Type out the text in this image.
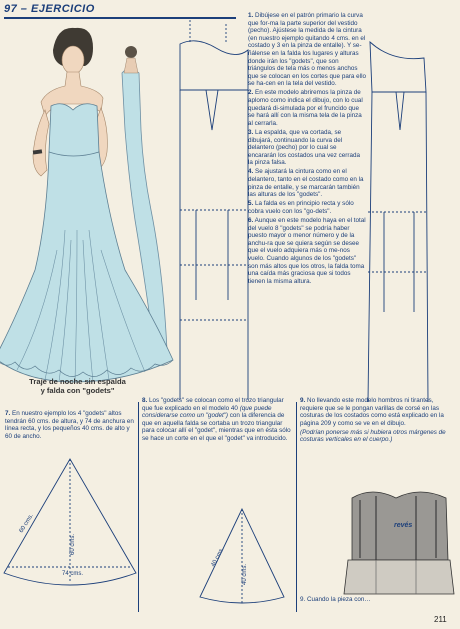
97 – EJERCICIO
Traje de noche sin espalda
y falda con "godets"

1. Dibújese en el patrón primario la curva que for-ma la parte superior del vestido (pecho). Ajústese la medida de la cintura (en nuestro ejemplo quitando 4 cms. en el costado y 3 en la pinza de entalle). Y se-ñálense en la falda los lugares y alturas donde irán los "godets", que son triángulos de tela más o menos anchos que se colocan en los cortes que para ello se ha-cen en la tela del vestido.

2. En este modelo abriremos la pinza de aplomo como indica el dibujo, con lo cual quedará di-simulada por el fruncido que se hará allí con la misma tela de la pinza al cerrarla.

3. La espalda, que va cortada, se dibujará, continuando la curva del delantero (pecho) por lo cual se encararán los costados una vez cerrada la pinza falsa.

4. Se ajustará la cintura como en el delantero, tanto en el costado como en la pinza de entalle, y se marcarán también las alturas de los "godets".

5. La falda es en principio recta y sólo cobra vuelo con los "go-dets".

6. Aunque en este modelo haya en el total del vuelo 8 "godets" se podría haber puesto mayor o menor número y de la anchu-ra que se quiera según se desee que el vuelo adquiera más o me-nos vuelo. Cuando algunos de los "godets" son más altos que los otros, la falda toma una caída más graciosa que si todos tienen la misma altura.

7. En nuestro ejemplo los 4 "godets" altos tendrán 60 cms. de altura, y 74 de anchura en línea recta, y los pequeños 40 cms. de alto y 60 de ancho.

60 cms.
60 cms.
74 cms.

8. Los "godets" se colocan como el trozo triangular que fue explicado en el modelo 40 (que puede considerarse como un "godet") con la diferencia de que en aquella falda se cortaba un trozo triangular para colocar allí el "godet", mientras que en ésta sólo se hace un corte en el que el "godet" va introducido.

40 cms.
40 cms.

9. No llevando este modelo hombros ni tirantes, requiere que se le pongan varillas de corsé en las costuras de los costados como está explicado en la página 209 y como se ve en el dibujo.

(Podrían ponerse más si hubiera otros márgenes de costuras verticales en el cuerpo.)

revés
9. Cuando la pieza con…
211
